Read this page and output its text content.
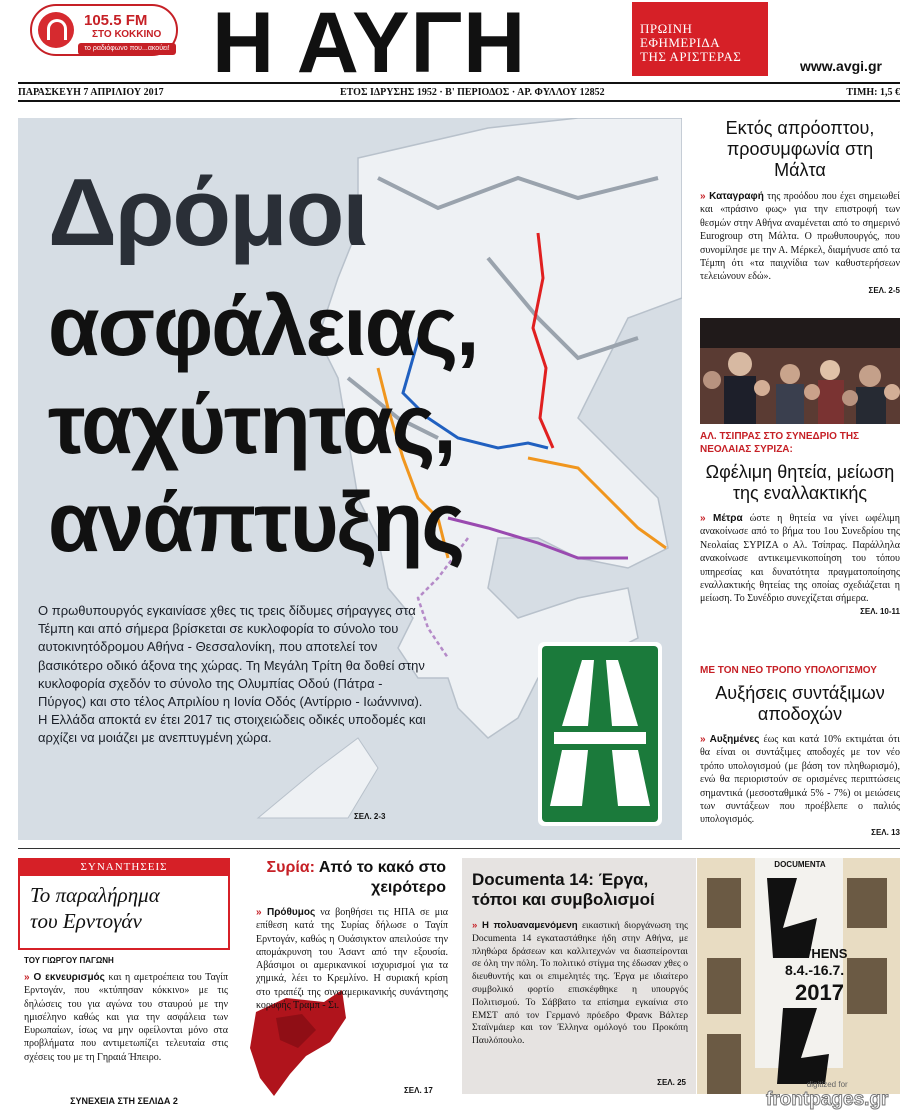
105.5 FM
ΣΤΟ ΚΟΚΚΙΝΟ
το ραδιόφωνο που...ακούει! Η ΑΥΓΗ	ΠΡΩΙΝΗ
ΕΦΗΜΕΡΙΔΑ
ΤΗΣ ΑΡΙΣΤΕΡΑΣ
www.avgi.gr
ΠΑΡΑΣΚΕΥΗ 7 ΑΠΡΙΛΙΟΥ 2017	ΕΤΟΣ ΙΔΡΥΣΗΣ 1952 · Β' ΠΕΡΙΟΔΟΣ · ΑΡ. ΦΥΛΛΟΥ 12852	ΤΙΜΗ: 1,5 €
Δρόμοι
ασφάλειας,
ταχύτητας,
ανάπτυξης
Ο πρωθυπουργός εγκαινίασε χθες τις τρεις δίδυμες σήραγγες στα Τέμπη και από σήμερα βρίσκεται σε κυκλοφορία το σύνολο του αυτοκινητόδρομου Αθήνα - Θεσσαλονίκη, που αποτελεί τον βασικότερο οδικό άξονα της χώρας. Τη Μεγάλη Τρίτη θα δοθεί στην κυκλοφορία σχεδόν το σύνολο της Ολυμπίας Οδού (Πάτρα - Πύργος) και στο τέλος Απριλίου η Ιονία Οδός (Αντίρριο - Ιωάννινα). Η Ελλάδα αποκτά εν έτει 2017 τις στοιχειώδεις οδικές υποδομές και αρχίζει να μοιάζει με ανεπτυγμένη χώρα.
ΣΕΛ. 2-3
Εκτός απρόοπτου, προσυμφωνία στη Μάλτα
» Καταγραφή της προόδου που έχει σημειωθεί και «πράσινο φως» για την επιστροφή των θεσμών στην Αθήνα αναμένεται από το σημερινό Eurogroup στη Μάλτα. Ο πρωθυπουργός, που συνομίλησε με την Α. Μέρκελ, διαμήνυσε από τα Τέμπη ότι «τα παιχνίδια των καθυστερήσεων τελειώνουν εδώ».
ΣΕΛ. 2-5
ΑΛ. ΤΣΙΠΡΑΣ ΣΤΟ ΣΥΝΕΔΡΙΟ ΤΗΣ ΝΕΟΛΑΙΑΣ ΣΥΡΙΖΑ:
Ωφέλιμη θητεία, μείωση της εναλλακτικής
» Μέτρα ώστε η θητεία να γίνει ωφέλιμη ανακοίνωσε από το βήμα του 1ου Συνεδρίου της Νεολαίας ΣΥΡΙΖΑ ο Αλ. Τσίπρας. Παράλληλα ανακοίνωσε αντικειμενικοποίηση του τόπου υπηρεσίας και δυνατότητα πραγματοποίησης εναλλακτικής θητείας της οποίας σχεδιάζεται η μείωση. Το Συνέδριο συνεχίζεται σήμερα.
ΣΕΛ. 10-11
ΜΕ ΤΟΝ ΝΕΟ ΤΡΟΠΟ ΥΠΟΛΟΓΙΣΜΟΥ
Αυξήσεις συντάξιμων αποδοχών
» Αυξημένες έως και κατά 10% εκτιμάται ότι θα είναι οι συντάξιμες αποδοχές με τον νέο τρόπο υπολογισμού (με βάση τον πληθωρισμό), ενώ θα περιοριστούν σε ορισμένες περιπτώσεις σημαντικά (μεσοσταθμικά 5% - 7%) οι μειώσεις των συντάξεων που προέβλεπε ο παλιός υπολογισμός.
ΣΕΛ. 13
ΣΥΝΑΝΤΗΣΕΙΣ
Το παραλήρημα
του Ερντογάν
ΤΟΥ ΓΙΩΡΓΟΥ ΠΑΓΩΝΗ
» Ο εκνευρισμός και η αμετροέπεια του Ταγίπ Ερντογάν, που «κτύπησαν κόκκινο» με τις δηλώσεις του για αγώνα του σταυρού με την ημισέληνο καθώς και για την ασφάλεια των Ευρωπαίων, ίσως να μην οφείλονται μόνο στα προβλήματα που αντιμετωπίζει τελευταία στις σχέσεις του με τη Γηραιά Ήπειρο.
ΣΥΝΕΧΕΙΑ ΣΤΗ ΣΕΛΙΔΑ 2
Συρία: Από το κακό στο χειρότερο
» Πρόθυμος να βοηθήσει τις ΗΠΑ σε μια επίθεση κατά της Συρίας δήλωσε ο Ταγίπ Ερντογάν, καθώς η Ουάσιγκτον απειλούσε την απομάκρυνση του Άσαντ από την εξουσία. Αβάσιμοι οι αμερικανικοί ισχυρισμοί για τα χημικά, λέει το Κρεμλίνο. Η συριακή κρίση στο τραπέζι της σινοαμερικανικής συνάντησης κορυφής Τραμπ - Σι.
ΣΕΛ. 17
Documenta 14: Έργα, τόποι και συμβολισμοί
» Η πολυαναμενόμενη εικαστική διοργάνωση της Documenta 14 εγκαταστάθηκε ήδη στην Αθήνα, με πληθώρα δράσεων και καλλιτεχνών να διασπείρονται σε όλη την πόλη. Το πολιτικό στίγμα της έδωσαν χθες ο διευθυντής και οι επιμελητές της. Έργα με ιδιαίτερο συμβολικό φορτίο επισκέφθηκε η υπουργός Πολιτισμού. Το Σάββατο τα επίσημα εγκαίνια στο ΕΜΣΤ από τον Γερμανό πρόεδρο Φρανκ Βάλτερ Σταϊνμάιερ και τον Έλληνα ομόλογό του Προκόπη Παυλόπουλο.
ΣΕΛ. 25
DOCUMENTA
ATHENS
8.4.-16.7.
2017
digitized for
frontpages.gr
